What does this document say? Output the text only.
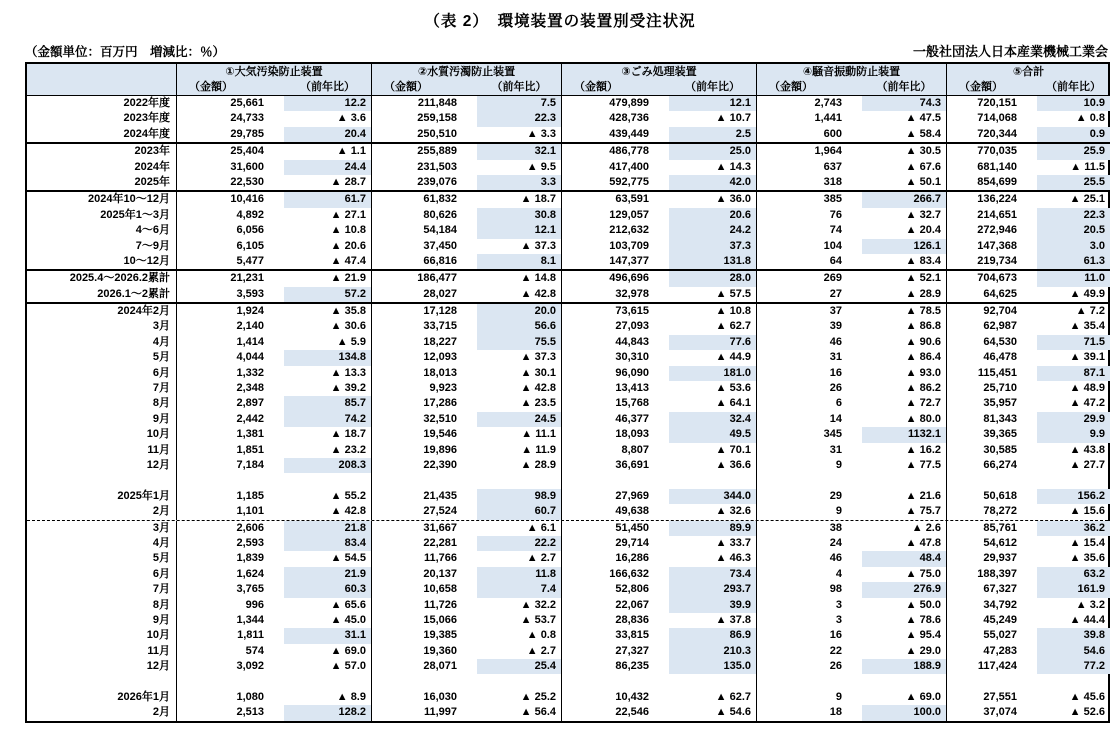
（表 2）　環境装置の装置別受注状況
（金額単位：百万円　増減比：％）	一般社団法人日本産業機械工業会
①大気汚染防止装置	②水質汚濁防止装置	③ごみ処理装置	④騒音振動防止装置	⑤合計
（金額）	（前年比）	（金額）	（前年比）	（金額）	（前年比）	（金額）	（前年比）	（金額）	（前年比）
2022年度	25,661	12.2	211,848	7.5	479,899	12.1	2,743	74.3	720,151	10.9
2023年度	24,733	▲ 3.6	259,158	22.3	428,736	▲ 10.7	1,441	▲ 47.5	714,068	▲ 0.8
2024年度	29,785	20.4	250,510	▲ 3.3	439,449	2.5	600	▲ 58.4	720,344	0.9
2023年	25,404	▲ 1.1	255,889	32.1	486,778	25.0	1,964	▲ 30.5	770,035	25.9
2024年	31,600	24.4	231,503	▲ 9.5	417,400	▲ 14.3	637	▲ 67.6	681,140	▲ 11.5
2025年	22,530	▲ 28.7	239,076	3.3	592,775	42.0	318	▲ 50.1	854,699	25.5
2024年10～12月	10,416	61.7	61,832	▲ 18.7	63,591	▲ 36.0	385	266.7	136,224	▲ 25.1
2025年1～3月	4,892	▲ 27.1	80,626	30.8	129,057	20.6	76	▲ 32.7	214,651	22.3
4～6月	6,056	▲ 10.8	54,184	12.1	212,632	24.2	74	▲ 20.4	272,946	20.5
7～9月	6,105	▲ 20.6	37,450	▲ 37.3	103,709	37.3	104	126.1	147,368	3.0
10～12月	5,477	▲ 47.4	66,816	8.1	147,377	131.8	64	▲ 83.4	219,734	61.3
2025.4～2026.2累計	21,231	▲ 21.9	186,477	▲ 14.8	496,696	28.0	269	▲ 52.1	704,673	11.0
2026.1～2累計	3,593	57.2	28,027	▲ 42.8	32,978	▲ 57.5	27	▲ 28.9	64,625	▲ 49.9
2024年2月	1,924	▲ 35.8	17,128	20.0	73,615	▲ 10.8	37	▲ 78.5	92,704	▲ 7.2
3月	2,140	▲ 30.6	33,715	56.6	27,093	▲ 62.7	39	▲ 86.8	62,987	▲ 35.4
4月	1,414	▲ 5.9	18,227	75.5	44,843	77.6	46	▲ 90.6	64,530	71.5
5月	4,044	134.8	12,093	▲ 37.3	30,310	▲ 44.9	31	▲ 86.4	46,478	▲ 39.1
6月	1,332	▲ 13.3	18,013	▲ 30.1	96,090	181.0	16	▲ 93.0	115,451	87.1
7月	2,348	▲ 39.2	9,923	▲ 42.8	13,413	▲ 53.6	26	▲ 86.2	25,710	▲ 48.9
8月	2,897	85.7	17,286	▲ 23.5	15,768	▲ 64.1	6	▲ 72.7	35,957	▲ 47.2
9月	2,442	74.2	32,510	24.5	46,377	32.4	14	▲ 80.0	81,343	29.9
10月	1,381	▲ 18.7	19,546	▲ 11.1	18,093	49.5	345	1132.1	39,365	9.9
11月	1,851	▲ 23.2	19,896	▲ 11.9	8,807	▲ 70.1	31	▲ 16.2	30,585	▲ 43.8
12月	7,184	208.3	22,390	▲ 28.9	36,691	▲ 36.6	9	▲ 77.5	66,274	▲ 27.7
2025年1月	1,185	▲ 55.2	21,435	98.9	27,969	344.0	29	▲ 21.6	50,618	156.2
2月	1,101	▲ 42.8	27,524	60.7	49,638	▲ 32.6	9	▲ 75.7	78,272	▲ 15.6
3月	2,606	21.8	31,667	▲ 6.1	51,450	89.9	38	▲ 2.6	85,761	36.2
4月	2,593	83.4	22,281	22.2	29,714	▲ 33.7	24	▲ 47.8	54,612	▲ 15.4
5月	1,839	▲ 54.5	11,766	▲ 2.7	16,286	▲ 46.3	46	48.4	29,937	▲ 35.6
6月	1,624	21.9	20,137	11.8	166,632	73.4	4	▲ 75.0	188,397	63.2
7月	3,765	60.3	10,658	7.4	52,806	293.7	98	276.9	67,327	161.9
8月	996	▲ 65.6	11,726	▲ 32.2	22,067	39.9	3	▲ 50.0	34,792	▲ 3.2
9月	1,344	▲ 45.0	15,066	▲ 53.7	28,836	▲ 37.8	3	▲ 78.6	45,249	▲ 44.4
10月	1,811	31.1	19,385	▲ 0.8	33,815	86.9	16	▲ 95.4	55,027	39.8
11月	574	▲ 69.0	19,360	▲ 2.7	27,327	210.3	22	▲ 29.0	47,283	54.6
12月	3,092	▲ 57.0	28,071	25.4	86,235	135.0	26	188.9	117,424	77.2
2026年1月	1,080	▲ 8.9	16,030	▲ 25.2	10,432	▲ 62.7	9	▲ 69.0	27,551	▲ 45.6
2月	2,513	128.2	11,997	▲ 56.4	22,546	▲ 54.6	18	100.0	37,074	▲ 52.6
